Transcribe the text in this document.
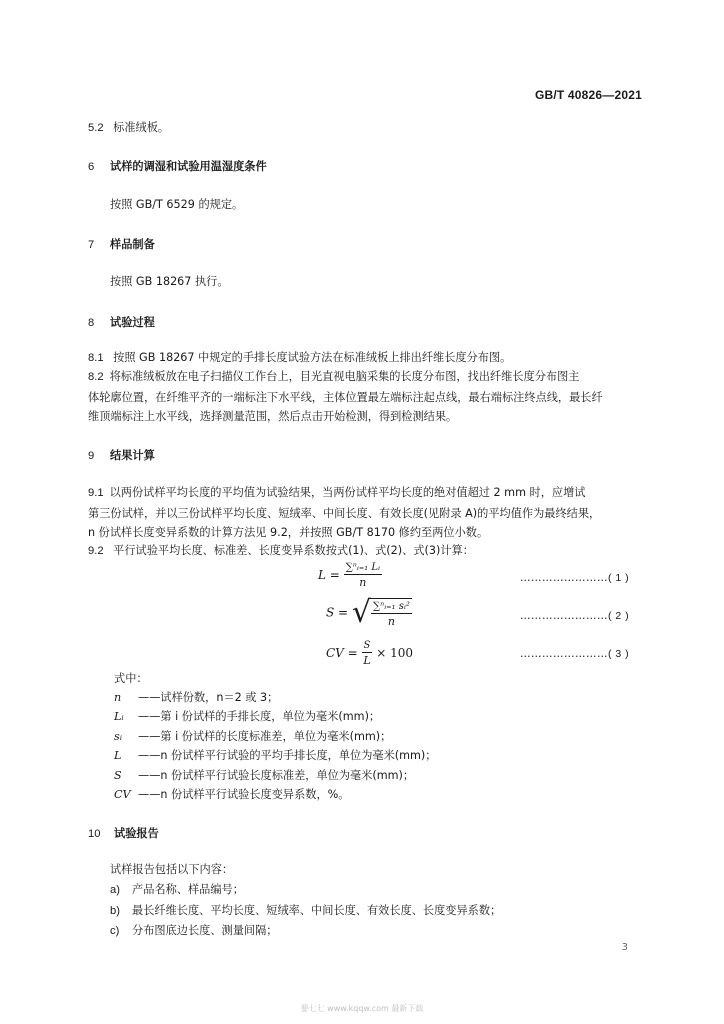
GB/T 40826—2021
5.2 标准绒板。
6 试样的调湿和试验用温湿度条件
按照 GB/T 6529 的规定。
7 样品制备
按照 GB 18267 执行。
8 试验过程
8.1 按照 GB 18267 中规定的手排长度试验方法在标准绒板上排出纤维长度分布图。
8.2 将标准绒板放在电子扫描仪工作台上，目光直视电脑采集的长度分布图，找出纤维长度分布图主
体轮廓位置，在纤维平齐的一端标注下水平线，主体位置最左端标注起点线，最右端标注终点线，最长纤
维顶端标注上水平线，选择测量范围，然后点击开始检测，得到检测结果。
9 结果计算
9.1 以两份试样平均长度的平均值为试验结果，当两份试样平均长度的绝对值超过 2 mm 时，应增试
第三份试样，并以三份试样平均长度、短绒率、中间长度、有效长度(见附录 A)的平均值作为最终结果，
n 份试样长度变异系数的计算方法见 9.2，并按照 GB/T 8170 修约至两位小数。
9.2 平行试验平均长度、标准差、长度变异系数按式(1)、式(2)、式(3)计算：
$L = \frac{\text{∑ⁿᵢ₌₁ Lᵢ}}{n}$	……………………( 1 )
S = √ $\frac{\text{∑ⁿᵢ₌₁ sᵢ²}}{n}$	……………………( 2 )
CV = $\frac{S}{L} \times 100$	……………………( 3 )
式中：
n ——试样份数，n＝2 或 3；
Lᵢ ——第 i 份试样的手排长度，单位为毫米(mm)；
sᵢ ——第 i 份试样的长度标准差，单位为毫米(mm)；
L ——n 份试样平行试验的平均手排长度，单位为毫米(mm)；
S ——n 份试样平行试验长度标准差，单位为毫米(mm)；
CV ——n 份试样平行试验长度变异系数，%。
10 试验报告
试样报告包括以下内容：
a) 产品名称、样品编号；
b) 最长纤维长度、平均长度、短绒率、中间长度、有效长度、长度变异系数；
c) 分布图底边长度、测量间隔；
3
要七七 www.kqqw.com 最新下载
